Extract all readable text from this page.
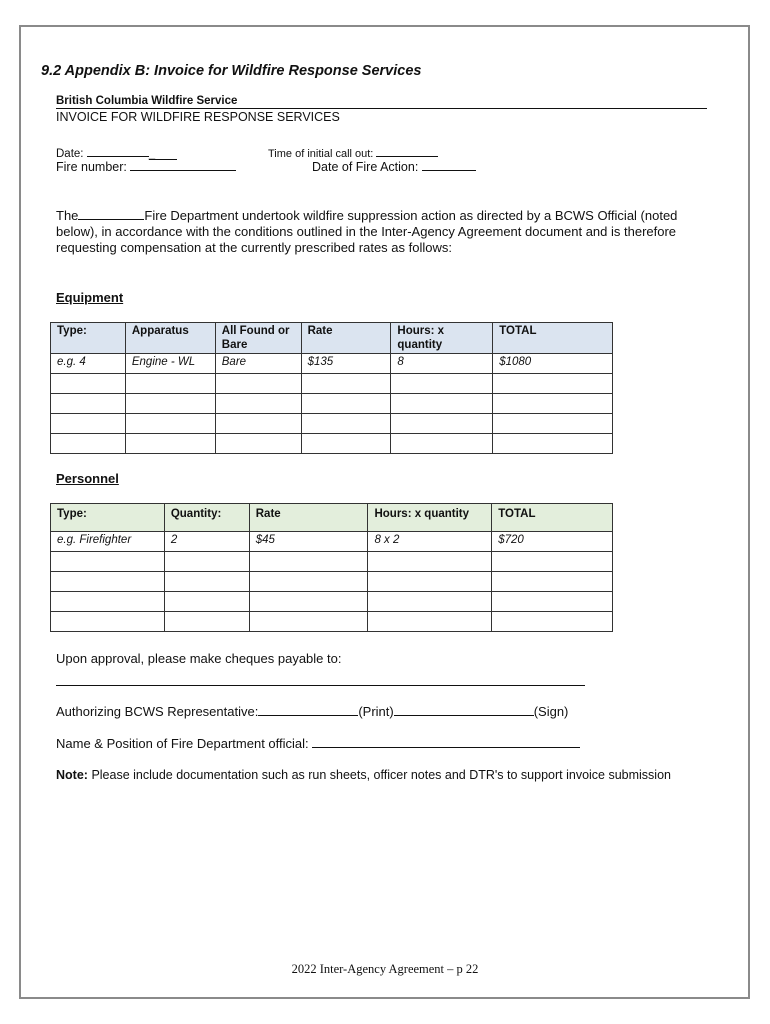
9.2 Appendix B: Invoice for Wildfire Response Services
British Columbia Wildfire Service
INVOICE FOR WILDFIRE RESPONSE SERVICES
Date:	_	Time of initial call out:
Fire number:	Date of Fire Action:
The	Fire Department undertook wildfire suppression action as directed by a BCWS Official (noted below), in accordance with the conditions outlined in the Inter-Agency Agreement document and is therefore requesting compensation at the currently prescribed rates as follows:
Equipment
Type:	Apparatus	All Found or Bare	Rate	Hours: x quantity	TOTAL
e.g. 4	Engine - WL	Bare	$135	8	$1080

Personnel
Type:	Quantity:	Rate	Hours: x quantity	TOTAL
e.g. Firefighter	2	$45	8 x 2	$720

Upon approval, please make cheques payable to:
Authorizing BCWS Representative:	(Print)	(Sign)
Name & Position of Fire Department official:
Note: Please include documentation such as run sheets, officer notes and DTR's to support invoice submission
2022 Inter-Agency Agreement – p 22
